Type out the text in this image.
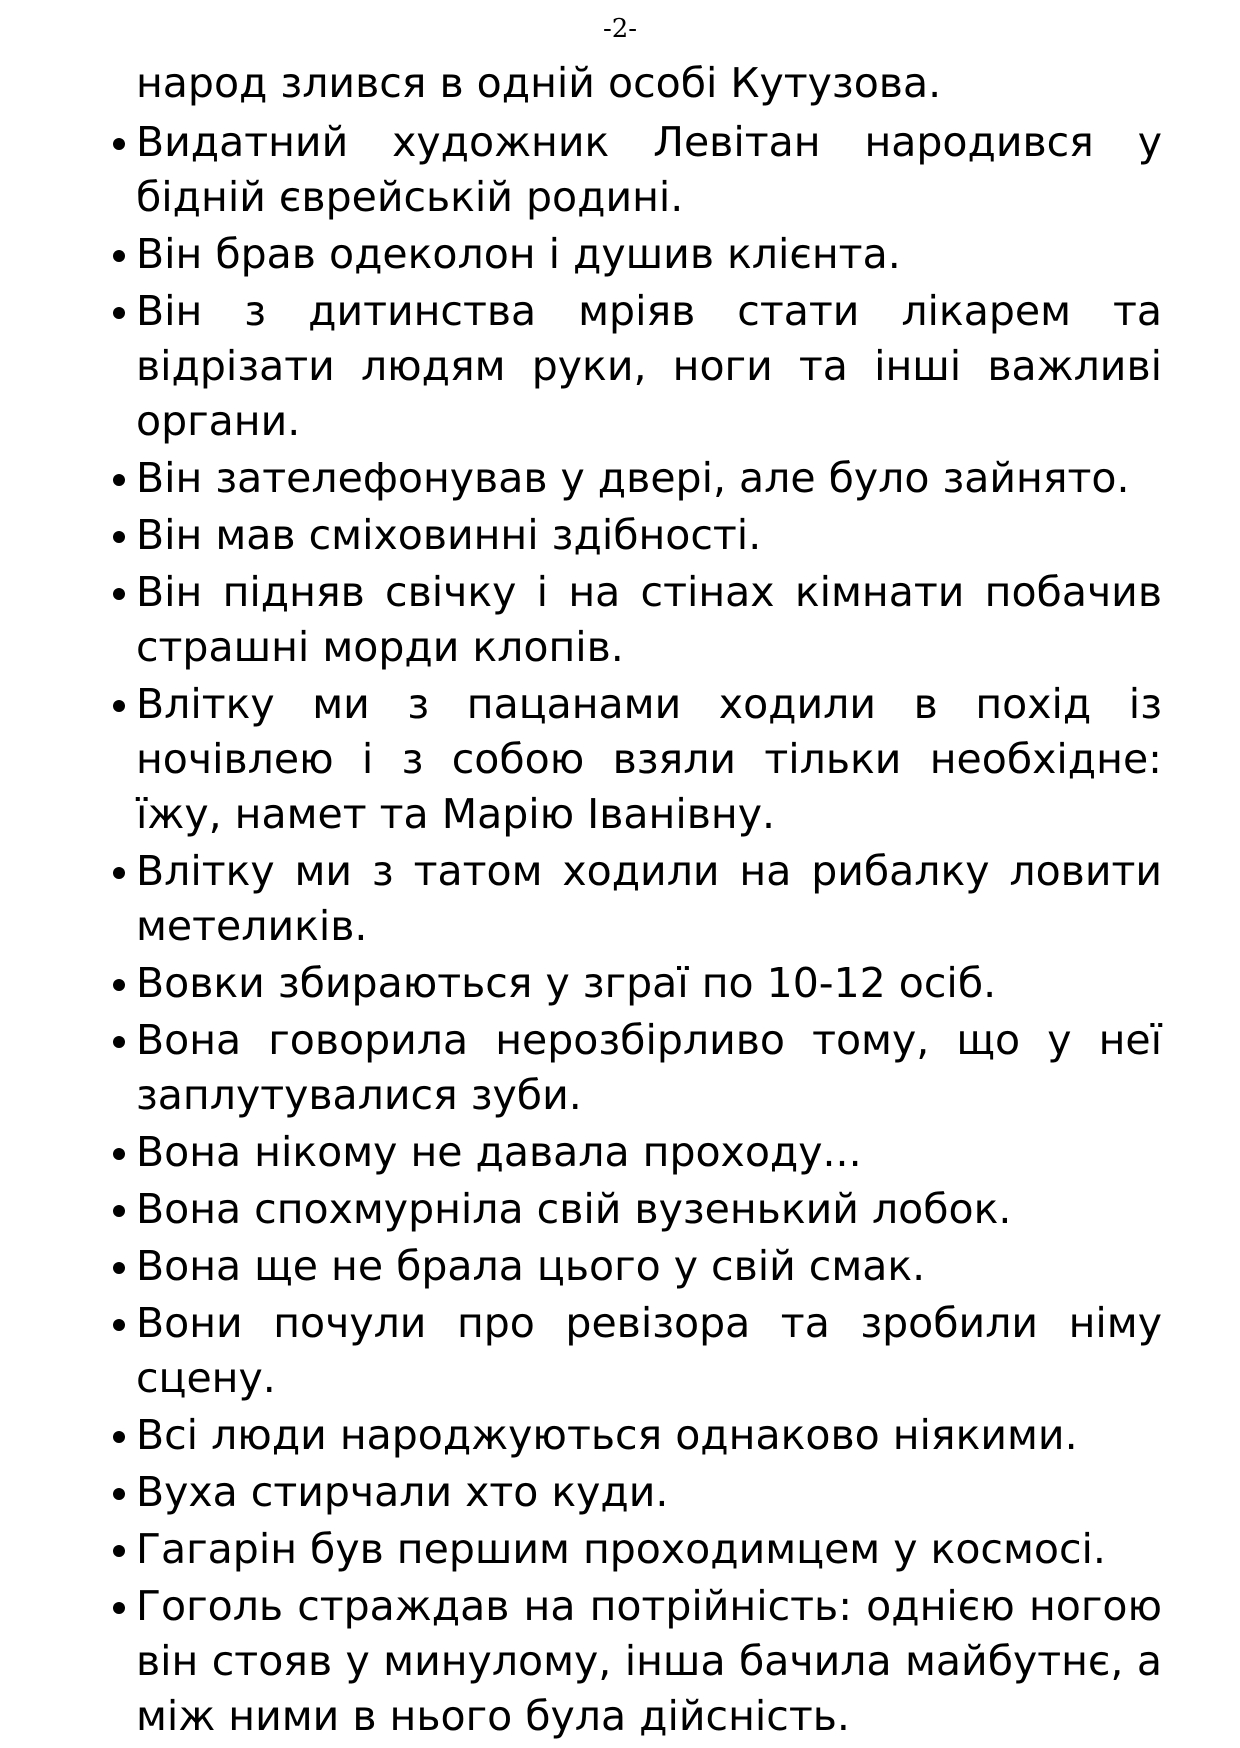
-2-
народ злився в одній особі Кутузова.
Видатний художник Левітан народився у бідній єврейській родині.
Він брав одеколон і душив клієнта.
Він з дитинства мріяв стати лікарем та відрізати людям руки, ноги та інші важливі органи.
Він зателефонував у двері, але було зайнято.
Він мав сміховинні здібності.
Він підняв свічку і на стінах кімнати побачив страшні морди клопів.
Влітку ми з пацанами ходили в похід із ночівлею і з собою взяли тільки необхідне: їжу, намет та Марію Іванівну.
Влітку ми з татом ходили на рибалку ловити метеликів.
Вовки збираються у зграї по 10-12 осіб.
Вона говорила нерозбірливо тому, що у неї заплутувалися зуби.
Вона нікому не давала проходу...
Вона спохмурніла свій вузенький лобок.
Вона ще не брала цього у свій смак.
Вони почули про ревізора та зробили німу сцену.
Всі люди народжуються однаково ніякими.
Вуха стирчали хто куди.
Гагарін був першим проходимцем у космосі.
Гоголь страждав на потрійність: однією ногою він стояв у минулому, інша бачила майбутнє, а між ними в нього була дійсність.
